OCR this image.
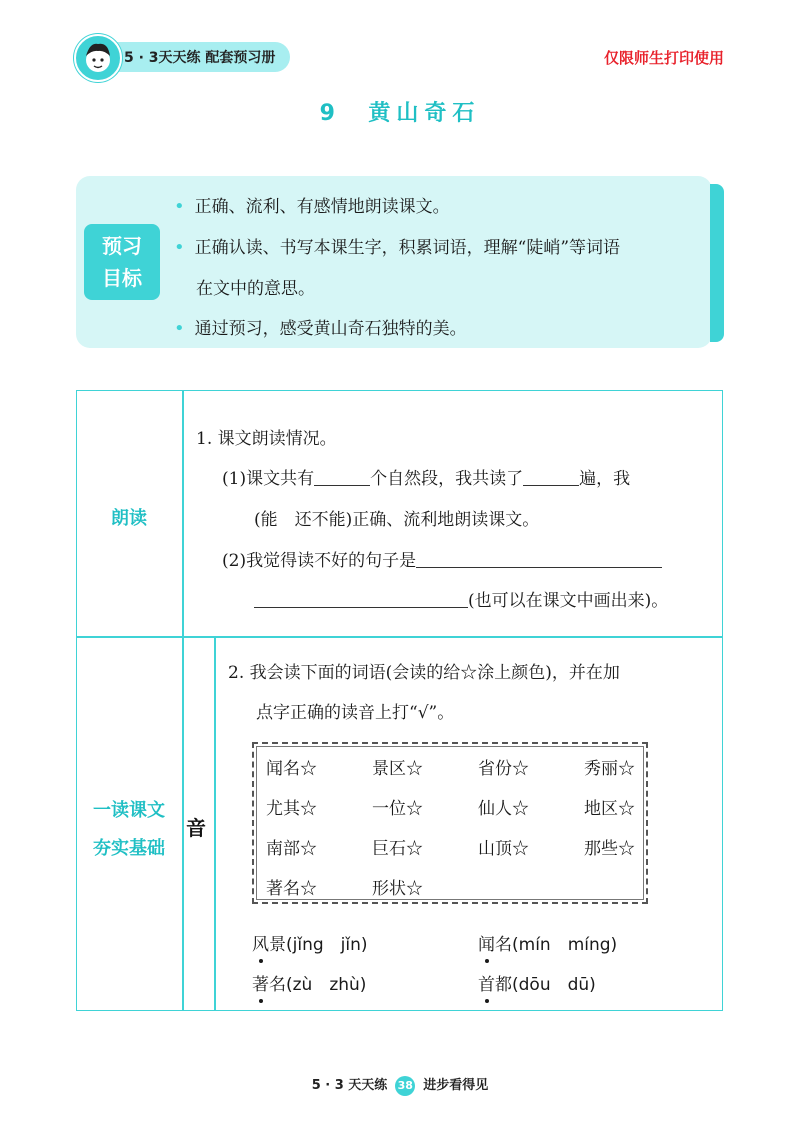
5 · 3天天练 配套预习册	仅限师生打印使用
9 黄山奇石
预习
目标
• 正确、流利、有感情地朗读课文。
• 正确认读、书写本课生字，积累词语，理解“陡峭”等词语
在文中的意思。
• 通过预习，感受黄山奇石独特的美。
朗读
1. 课文朗读情况。
(1)课文共有	个自然段，我共读了	遍，我
(能　还不能)正确、流利地朗读课文。
(2)我觉得读不好的句子是
(也可以在课文中画出来)。
一读课文
夯实基础
音
2. 我会读下面的词语(会读的给☆涂上颜色)，并在加
点字正确的读音上打“√”。
闻名☆	景区☆	省份☆	秀丽☆
尤其☆	一位☆	仙人☆	地区☆
南部☆	巨石☆	山顶☆	那些☆
著名☆	形状☆
风景(jǐng　jǐn)	闻名(mín　míng)
著名(zù　zhù)	首都(dōu　dū)
5 · 3 天天练 38 进步看得见
